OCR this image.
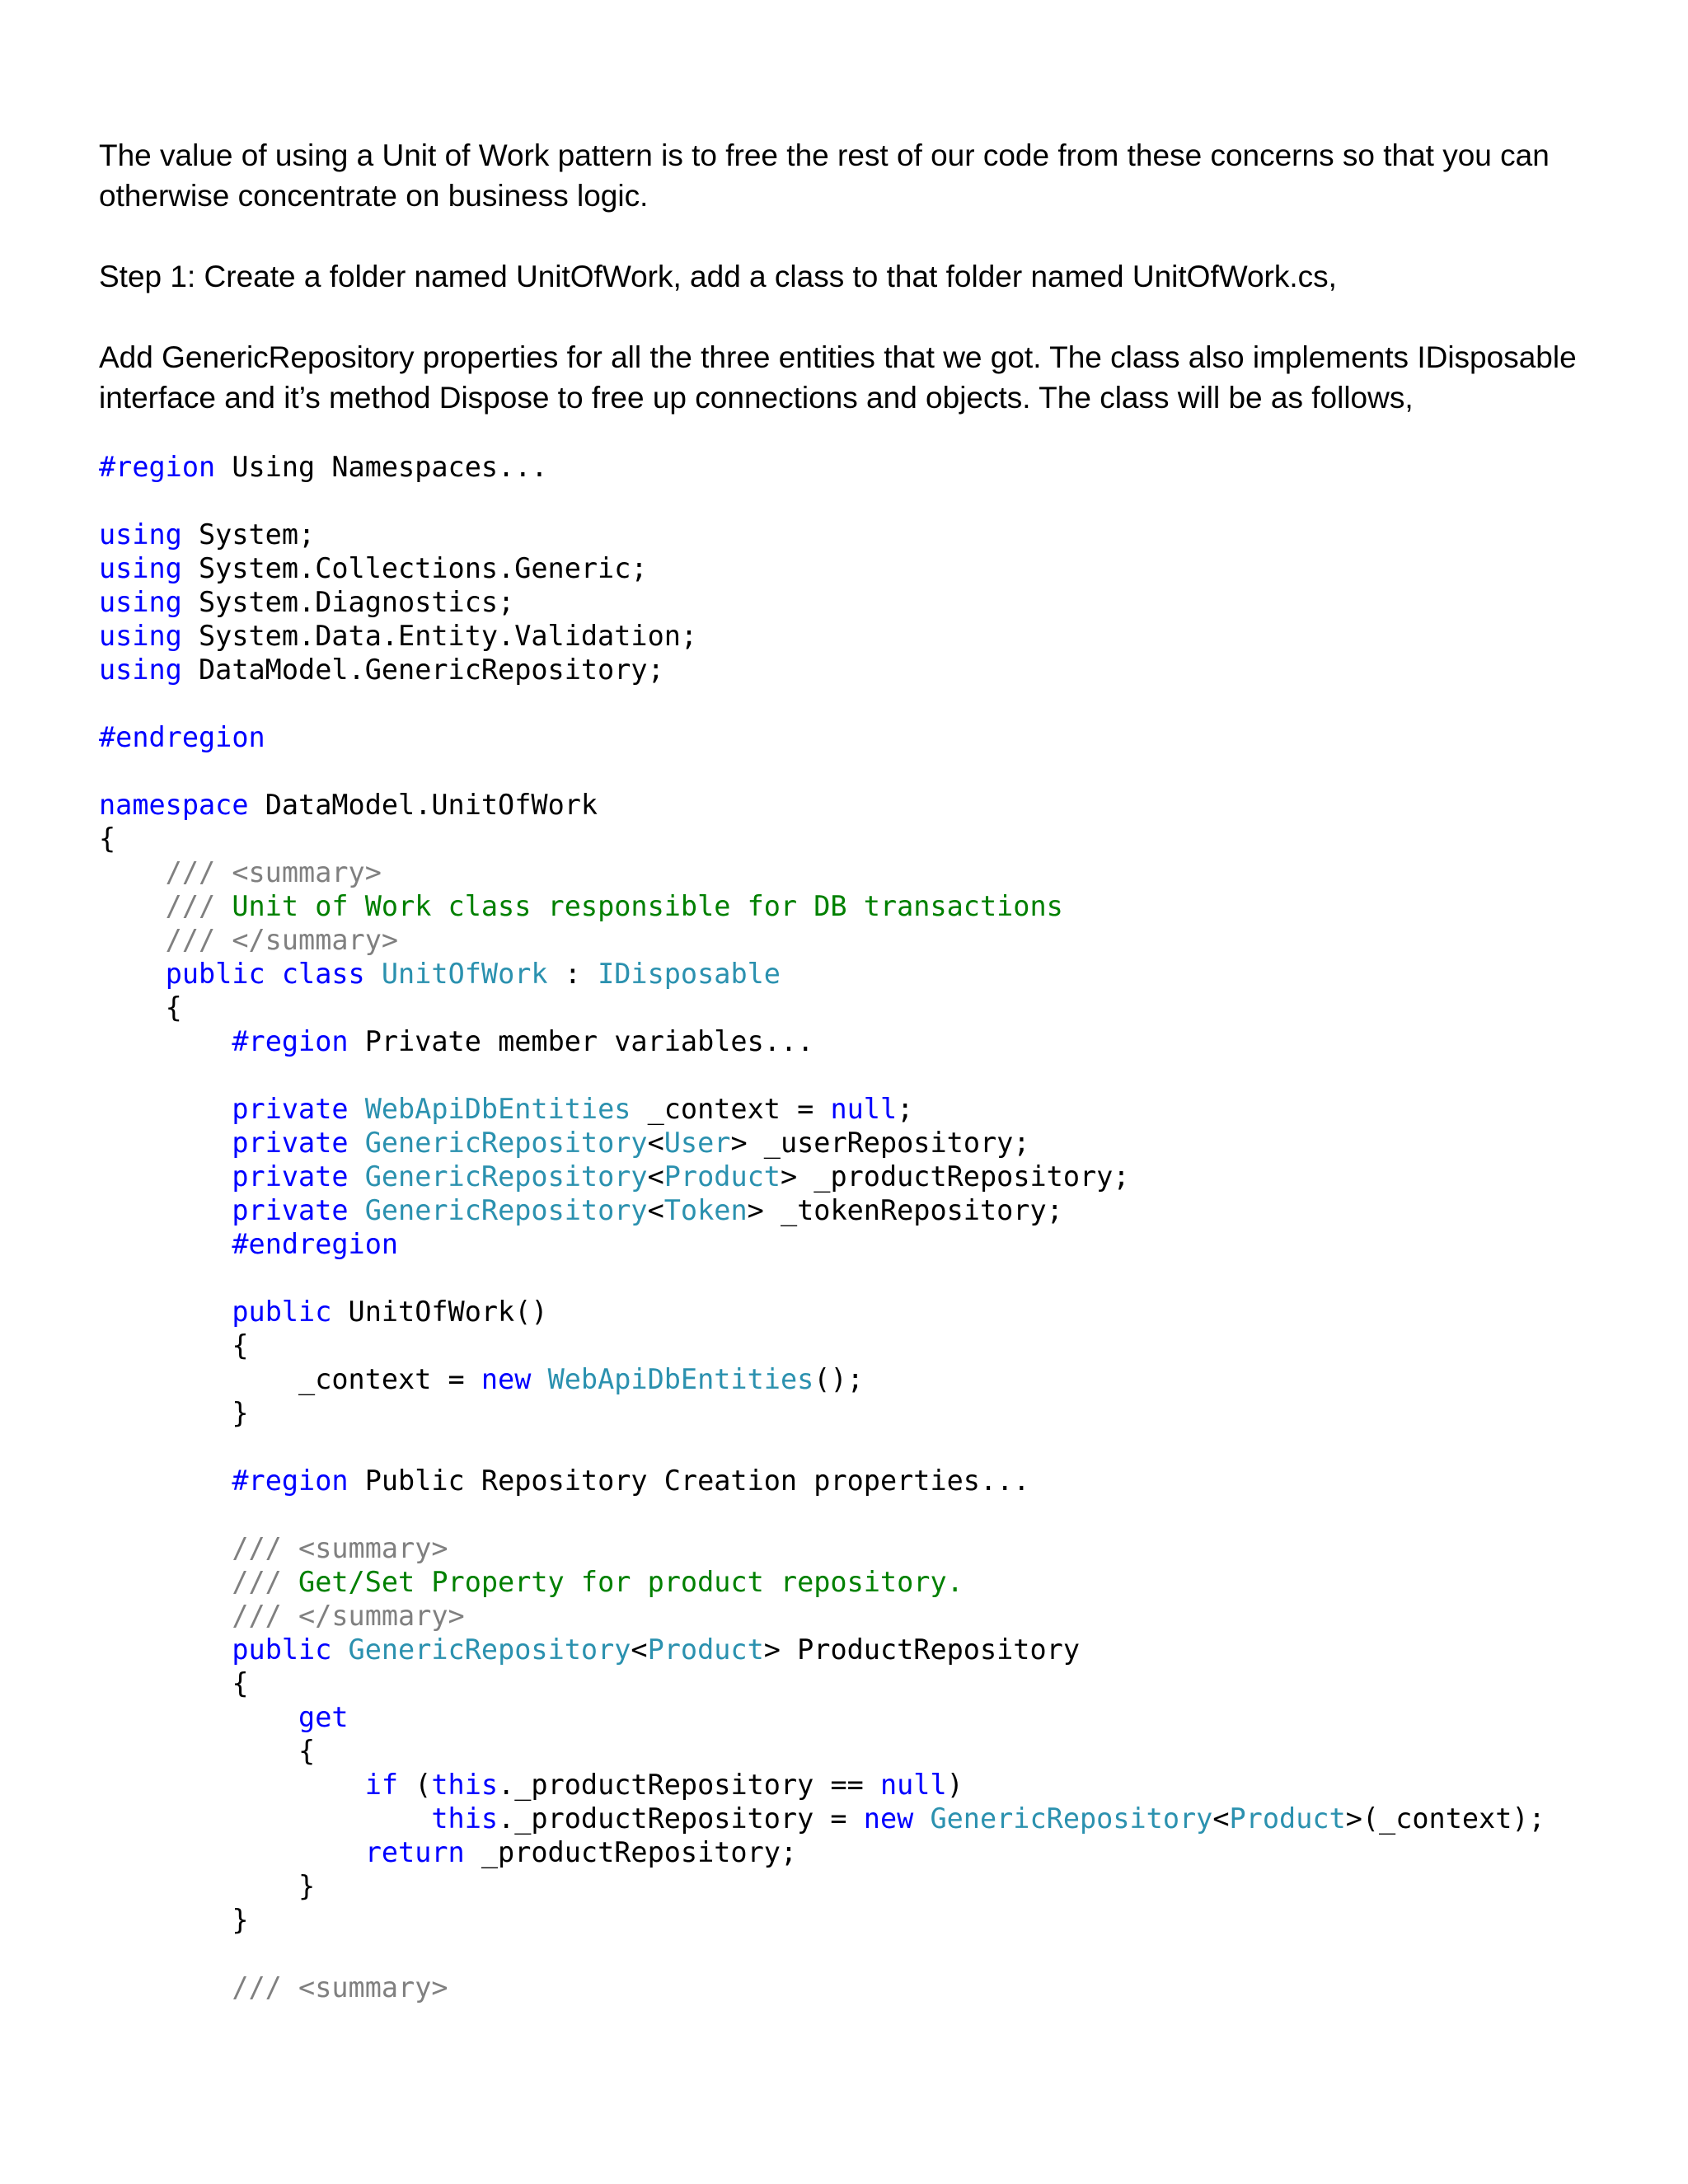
The value of using a Unit of Work pattern is to free the rest of our code from these concerns so that you can otherwise concentrate on business logic.

Step 1: Create a folder named UnitOfWork, add a class to that folder named UnitOfWork.cs,

Add GenericRepository properties for all the three entities that we got. The class also implements IDisposable interface and it’s method Dispose to free up connections and objects. The class will be as follows,

#region Using Namespaces...

using System;
using System.Collections.Generic;
using System.Diagnostics;
using System.Data.Entity.Validation;
using DataModel.GenericRepository;

#endregion

namespace DataModel.UnitOfWork
{
/// <summary>
/// Unit of Work class responsible for DB transactions
/// </summary>
public class UnitOfWork : IDisposable
{
#region Private member variables...

private WebApiDbEntities _context = null;
private GenericRepository<User> _userRepository;
private GenericRepository<Product> _productRepository;
private GenericRepository<Token> _tokenRepository;
#endregion

public UnitOfWork()
{
_context = new WebApiDbEntities();
}

#region Public Repository Creation properties...

/// <summary>
/// Get/Set Property for product repository.
/// </summary>
public GenericRepository<Product> ProductRepository
{
get
{
if (this._productRepository == null)
this._productRepository = new GenericRepository<Product>(_context);
return _productRepository;
}
}

/// <summary>
